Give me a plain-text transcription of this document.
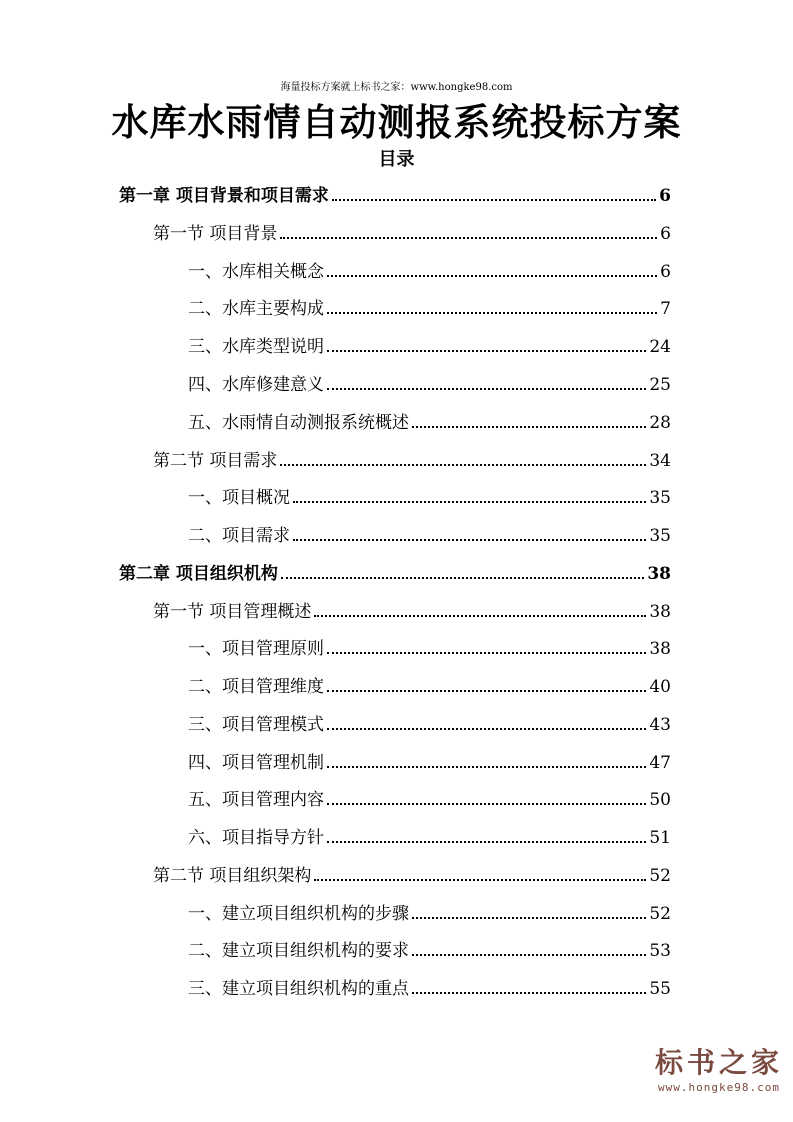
海量投标方案就上标书之家：www.hongke98.com
水库水雨情自动测报系统投标方案
目录
第一章 项目背景和项目需求	6
第一节 项目背景	6
一、水库相关概念	6
二、水库主要构成	7
三、水库类型说明	24
四、水库修建意义	25
五、水雨情自动测报系统概述	28
第二节 项目需求	34
一、项目概况	35
二、项目需求	35
第二章 项目组织机构	38
第一节 项目管理概述	38
一、项目管理原则	38
二、项目管理维度	40
三、项目管理模式	43
四、项目管理机制	47
五、项目管理内容	50
六、项目指导方针	51
第二节 项目组织架构	52
一、建立项目组织机构的步骤	52
二、建立项目组织机构的要求	53
三、建立项目组织机构的重点	55
标书之家
www.hongke98.com
